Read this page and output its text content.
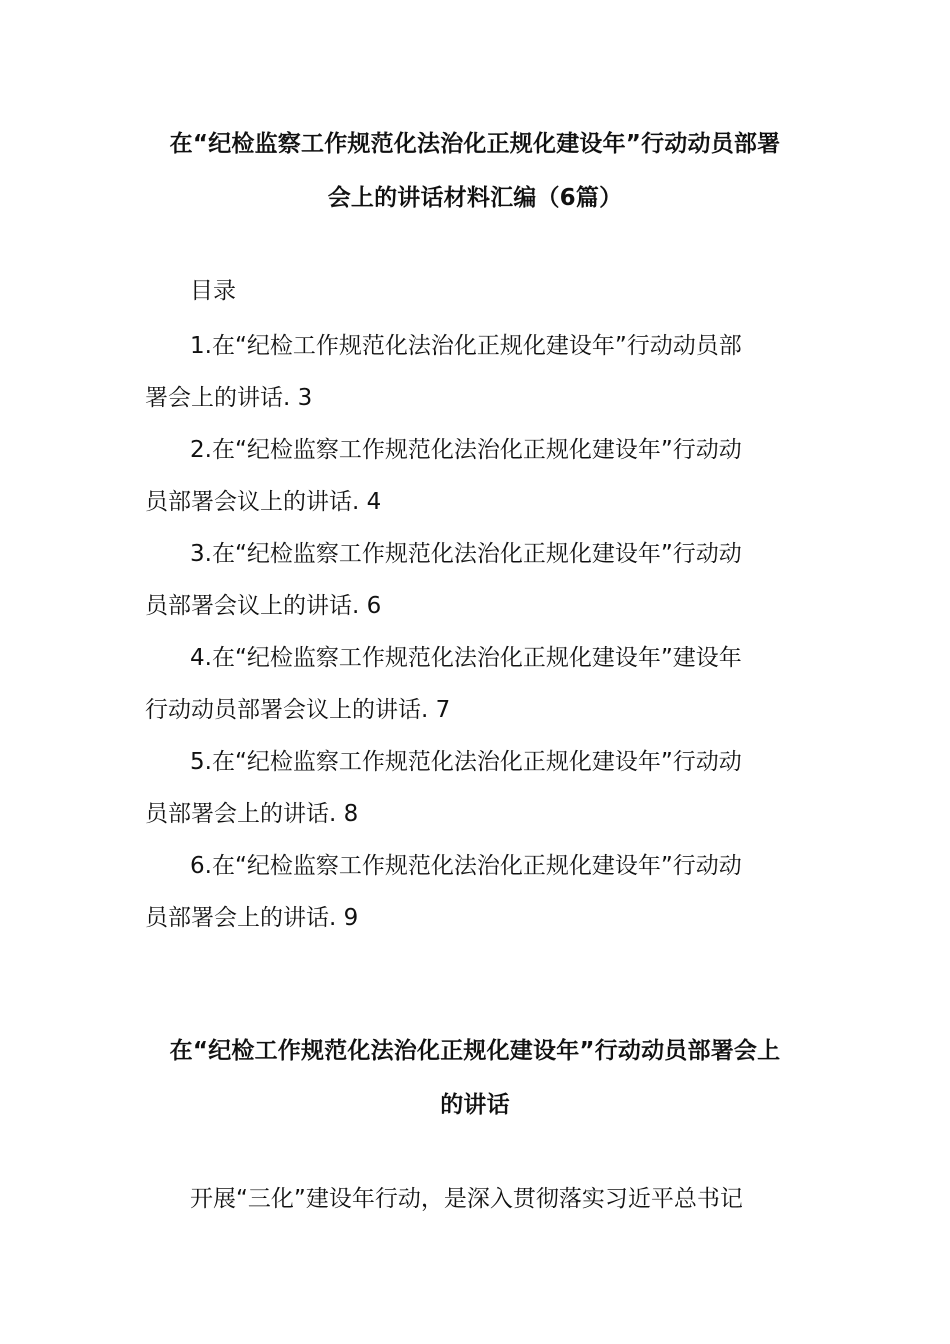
在“纪检监察工作规范化法治化正规化建设年”行动动员部署
会上的讲话材料汇编（6篇）
目录
1.在“纪检工作规范化法治化正规化建设年”行动动员部
署会上的讲话. 3
2.在“纪检监察工作规范化法治化正规化建设年”行动动
员部署会议上的讲话. 4
3.在“纪检监察工作规范化法治化正规化建设年”行动动
员部署会议上的讲话. 6
4.在“纪检监察工作规范化法治化正规化建设年”建设年
行动动员部署会议上的讲话. 7
5.在“纪检监察工作规范化法治化正规化建设年”行动动
员部署会上的讲话. 8
6.在“纪检监察工作规范化法治化正规化建设年”行动动
员部署会上的讲话. 9
在“纪检工作规范化法治化正规化建设年”行动动员部署会上
的讲话
开展“三化”建设年行动，是深入贯彻落实习近平总书记
